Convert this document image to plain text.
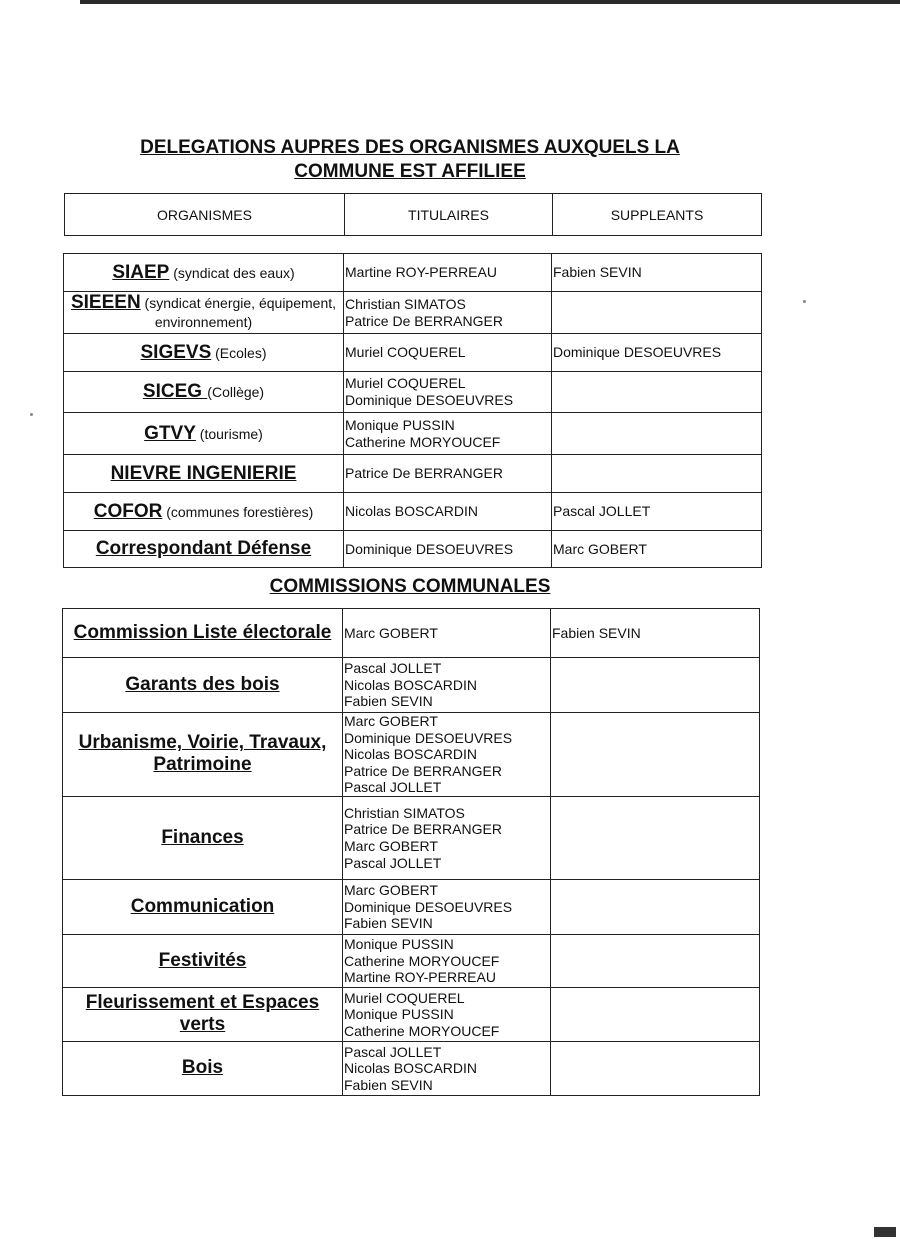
DELEGATIONS AUPRES DES ORGANISMES AUXQUELS LA
COMMUNE EST AFFILIEE
ORGANISMES	TITULAIRES	SUPPLEANTS
SIAEP (syndicat des eaux)	Martine ROY-PERREAU	Fabien SEVIN

SIEEEN (syndicat énergie, équipement, environnement)	Christian SIMATOS
Patrice De BERRANGER	

SIGEVS (Ecoles)	Muriel COQUEREL	Dominique DESOEUVRES

SICEG (Collège)	Muriel COQUEREL
Dominique DESOEUVRES	

GTVY (tourisme)	Monique PUSSIN
Catherine MORYOUCEF	

NIEVRE INGENIERIE	Patrice De BERRANGER	

COFOR (communes forestières)	Nicolas BOSCARDIN	Pascal JOLLET

Correspondant Défense	Dominique DESOEUVRES	Marc GOBERT
COMMISSIONS COMMUNALES
Commission Liste électorale	Marc GOBERT	Fabien SEVIN

Garants des bois	Pascal JOLLET
Nicolas BOSCARDIN
Fabien SEVIN	

Urbanisme, Voirie, Travaux, Patrimoine	Marc GOBERT
Dominique DESOEUVRES
Nicolas BOSCARDIN
Patrice De BERRANGER
Pascal JOLLET	

Finances	Christian SIMATOS
Patrice De BERRANGER
Marc GOBERT
Pascal JOLLET	

Communication	Marc GOBERT
Dominique DESOEUVRES
Fabien SEVIN	

Festivités	Monique PUSSIN
Catherine MORYOUCEF
Martine ROY-PERREAU	

Fleurissement et Espaces verts	Muriel COQUEREL
Monique PUSSIN
Catherine MORYOUCEF	

Bois	Pascal JOLLET
Nicolas BOSCARDIN
Fabien SEVIN	
